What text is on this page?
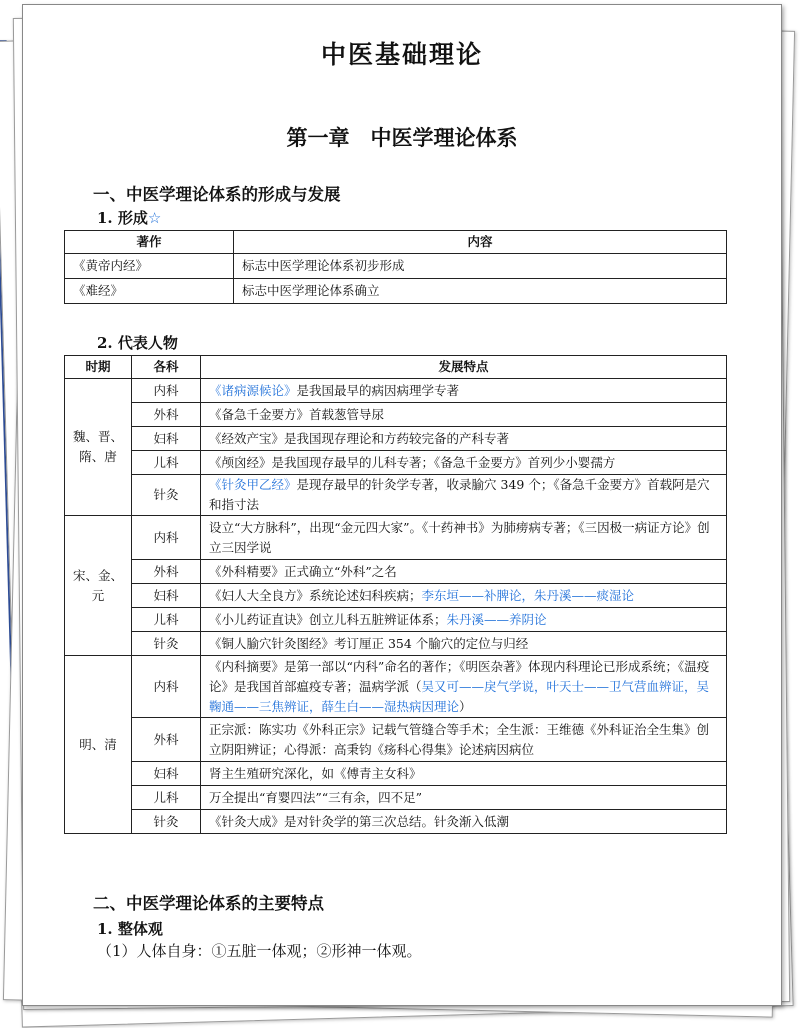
中医基础理论
第一章　中医学理论体系
一、中医学理论体系的形成与发展
1. 形成☆
著作	内容
《黄帝内经》	标志中医学理论体系初步形成
《难经》	标志中医学理论体系确立
2. 代表人物
时期	各科	发展特点
魏、晋、
隋、唐	内科	《诸病源候论》是我国最早的病因病理学专著
	外科	《备急千金要方》首载葱管导尿
	妇科	《经效产宝》是我国现存理论和方药较完备的产科专著
	儿科	《颅囟经》是我国现存最早的儿科专著；《备急千金要方》首列少小婴孺方
	针灸	《针灸甲乙经》是现存最早的针灸学专著，收录腧穴 349 个；《备急千金要方》首载阿是穴和指寸法
宋、金、元	内科	设立“大方脉科”，出现“金元四大家”。《十药神书》为肺痨病专著；《三因极一病证方论》创立三因学说
	外科	《外科精要》正式确立“外科”之名
	妇科	《妇人大全良方》系统论述妇科疾病；李东垣——补脾论，朱丹溪——痰湿论
	儿科	《小儿药证直诀》创立儿科五脏辨证体系；朱丹溪——养阴论
	针灸	《铜人腧穴针灸图经》考订厘正 354 个腧穴的定位与归经
明、清	内科	《内科摘要》是第一部以“内科”命名的著作；《明医杂著》体现内科理论已形成系统；《温疫论》是我国首部瘟疫专著；温病学派（吴又可——戾气学说，叶天士——卫气营血辨证，吴鞠通——三焦辨证，薛生白——湿热病因理论）
	外科	正宗派：陈实功《外科正宗》记载气管缝合等手术；全生派：王维德《外科证治全生集》创立阴阳辨证；心得派：高秉钧《疡科心得集》论述病因病位
	妇科	肾主生殖研究深化，如《傅青主女科》
	儿科	万全提出“育婴四法”“三有余，四不足”
	针灸	《针灸大成》是对针灸学的第三次总结。针灸渐入低潮
二、中医学理论体系的主要特点
1. 整体观
（1）人体自身：①五脏一体观；②形神一体观。
